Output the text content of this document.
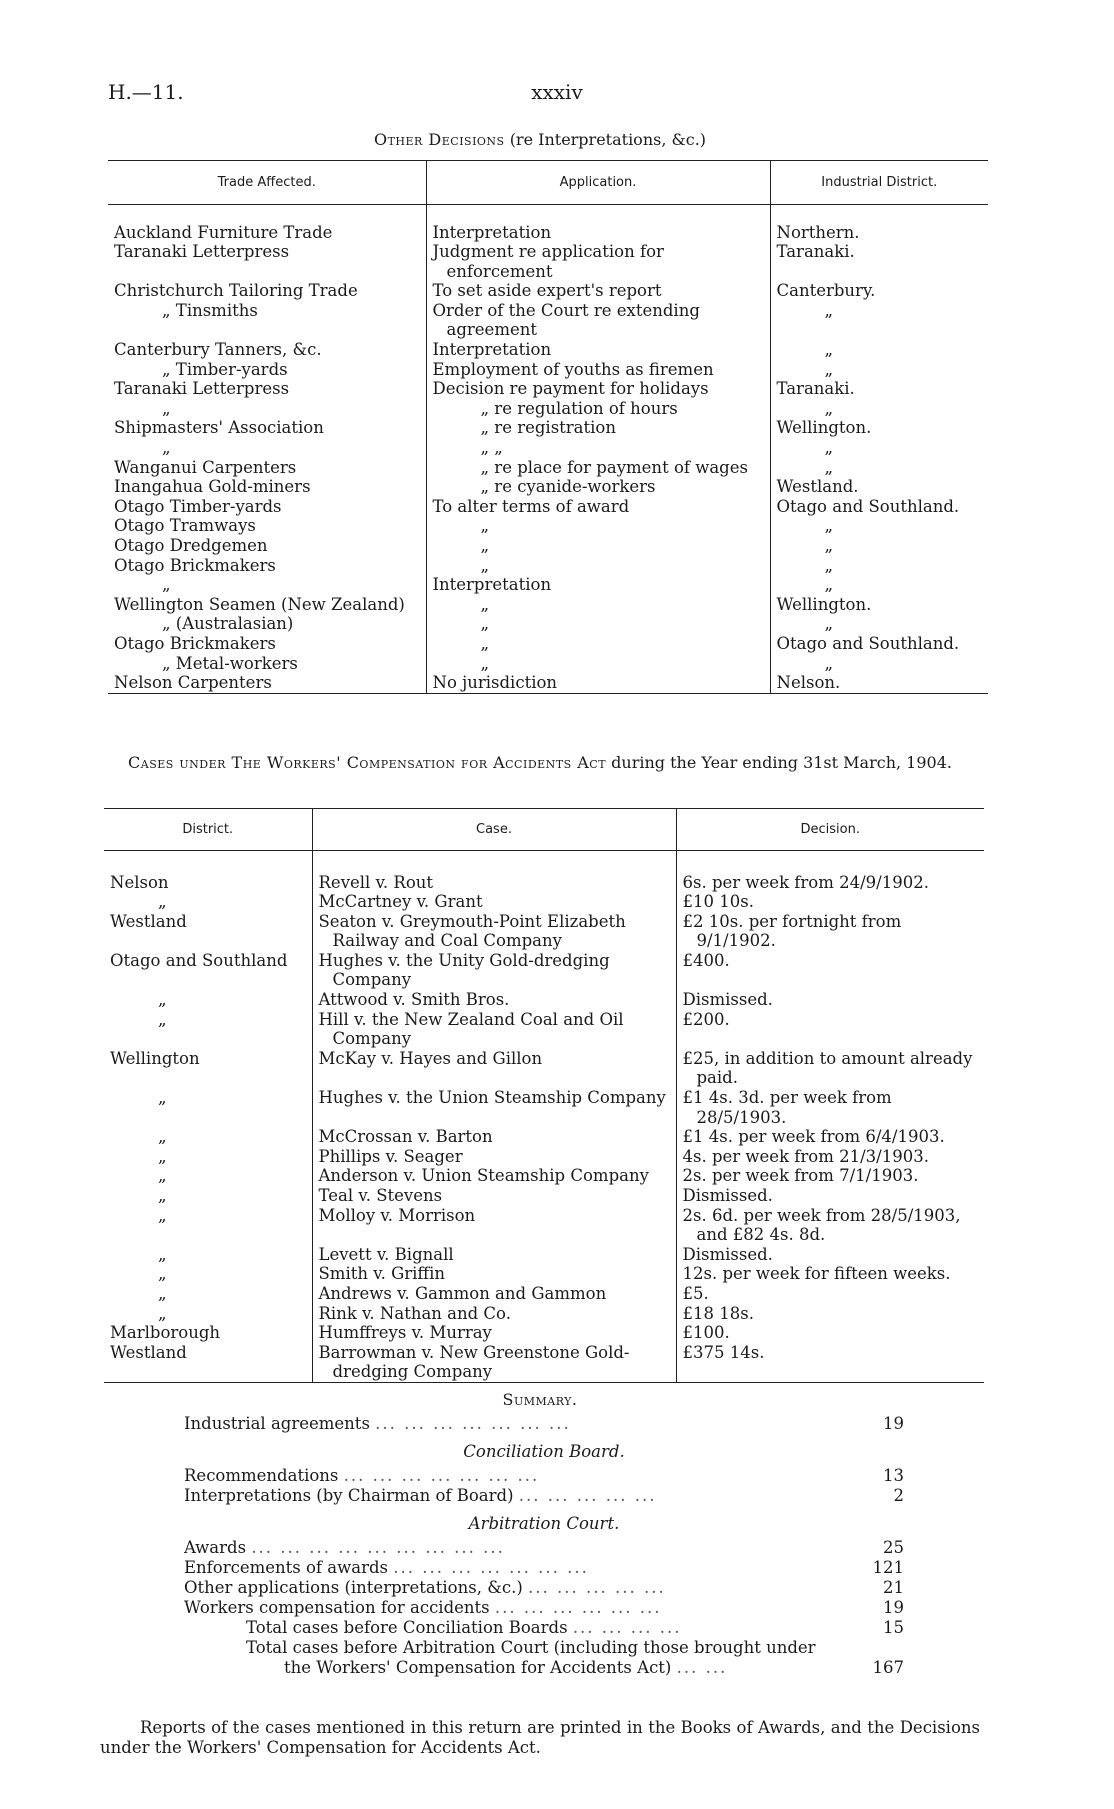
H.—11.	xxxiv
Other Decisions (re Interpretations, &c.)
Trade Affected.	Application.	Industrial District.

Auckland Furniture Trade	Interpretation	Northern.
Taranaki Letterpress	Judgment re application for enforcement	Taranaki.
Christchurch Tailoring Trade	To set aside expert's report	Canterbury.
„ Tinsmiths	Order of the Court re extending agreement	„
Canterbury Tanners, &c.	Interpretation	„
„ Timber-yards	Employment of youths as firemen	„
Taranaki Letterpress	Decision re payment for holidays	Taranaki.
„	„ re regulation of hours	„
Shipmasters' Association	„ re registration	Wellington.
„	„ „	„
Wanganui Carpenters	„ re place for payment of wages	„
Inangahua Gold-miners	„ re cyanide-workers	Westland.
Otago Timber-yards	To alter terms of award	Otago and Southland.
Otago Tramways	„	„
Otago Dredgemen	„	„
Otago Brickmakers	„	„
„	Interpretation	„
Wellington Seamen (New Zealand)	„	Wellington.
„ (Australasian)	„	„
Otago Brickmakers	„	Otago and Southland.
„ Metal-workers	„	„
Nelson Carpenters	No jurisdiction	Nelson.
Cases under The Workers' Compensation for Accidents Act during the Year ending 31st March, 1904.
District.	Case.	Decision.

Nelson	Revell v. Rout	6s. per week from 24/9/1902.

„	McCartney v. Grant	£10 10s.

Westland	Seaton v. Greymouth-Point Elizabeth Railway and Coal Company	£2 10s. per fortnight from 9/1/1902.

Otago and Southland	Hughes v. the Unity Gold-dredging Company	£400.

„	Attwood v. Smith Bros.	Dismissed.

„	Hill v. the New Zealand Coal and Oil Company	£200.

Wellington	McKay v. Hayes and Gillon	£25, in addition to amount already paid.

„	Hughes v. the Union Steamship Company	£1 4s. 3d. per week from 28/5/1903.

„	McCrossan v. Barton	£1 4s. per week from 6/4/1903.

„	Phillips v. Seager	4s. per week from 21/3/1903.

„	Anderson v. Union Steamship Company	2s. per week from 7/1/1903.

„	Teal v. Stevens	Dismissed.

„	Molloy v. Morrison	2s. 6d. per week from 28/5/1903, and £82 4s. 8d.

„	Levett v. Bignall	Dismissed.

„	Smith v. Griffin	12s. per week for fifteen weeks.

„	Andrews v. Gammon and Gammon	£5.

„	Rink v. Nathan and Co.	£18 18s.

Marlborough	Humffreys v. Murray	£100.

Westland	Barrowman v. New Greenstone Gold-dredging Company	£375 14s.
Summary.
Industrial agreements ... ... ... ... ... ... ...	19
Conciliation Board.
Recommendations ... ... ... ... ... ... ...	13
Interpretations (by Chairman of Board) ... ... ... ... ...	2
Arbitration Court.
Awards ... ... ... ... ... ... ... ... ...	25
Enforcements of awards ... ... ... ... ... ... ...	121
Other applications (interpretations, &c.) ... ... ... ... ...	21
Workers compensation for accidents ... ... ... ... ... ...	19
Total cases before Conciliation Boards ... ... ... ...	15
Total cases before Arbitration Court (including those brought under
the Workers' Compensation for Accidents Act) ... ...	167
Reports of the cases mentioned in this return are printed in the Books of Awards, and the Decisions under the Workers' Compensation for Accidents Act.
